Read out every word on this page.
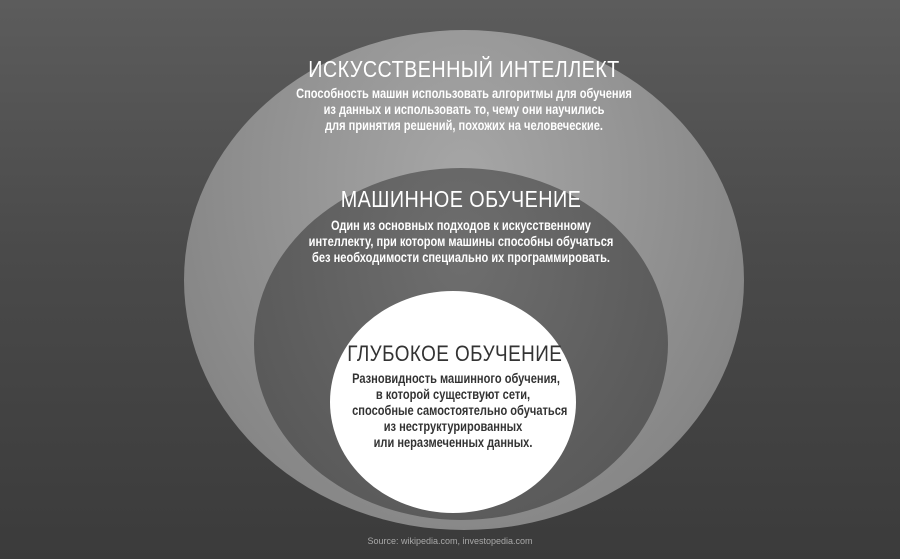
ИСКУССТВЕННЫЙ ИНТЕЛЛЕКТ
Способность машин использовать алгоритмы для обучения
из данных и использовать то, чему они научились
для принятия решений, похожих на человеческие.
МАШИННОЕ ОБУЧЕНИЕ
Один из основных подходов к искусственному
интеллекту, при котором машины способны обучаться
без необходимости специально их программировать.
ГЛУБОКОЕ ОБУЧЕНИЕ
Разновидность машинного обучения,
в которой существуют сети,
способные самостоятельно обучаться
из неструктурированных
или неразмеченных данных.
Source: wikipedia.com, investopedia.com
